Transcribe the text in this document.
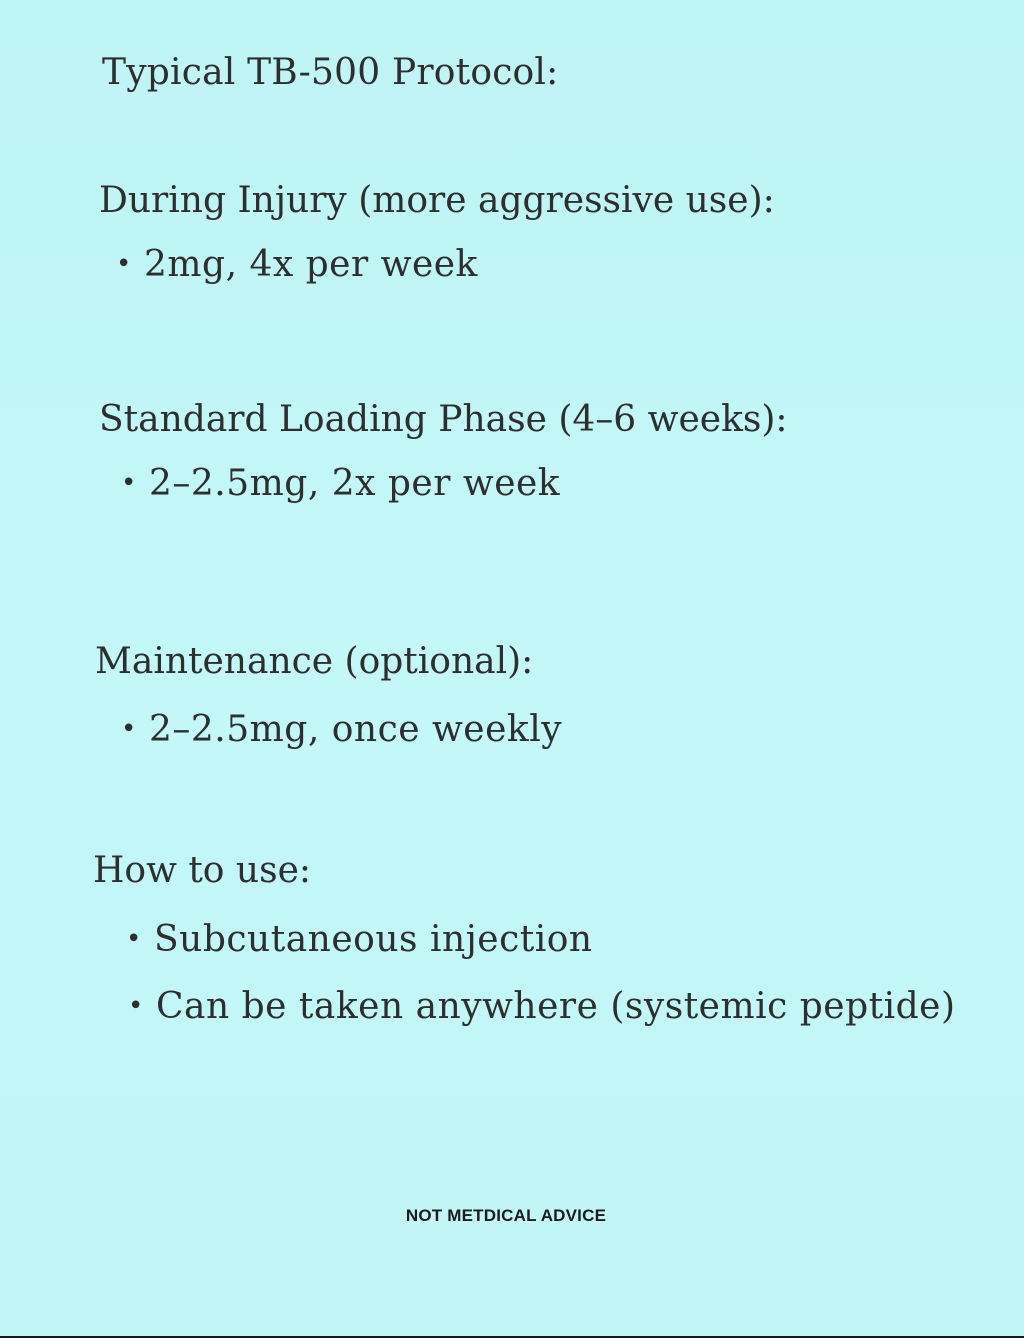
Typical TB-500 Protocol:
During Injury (more aggressive use):
• 2mg, 4x per week
Standard Loading Phase (4–6 weeks):
• 2–2.5mg, 2x per week
Maintenance (optional):
• 2–2.5mg, once weekly
How to use:
• Subcutaneous injection
• Can be taken anywhere (systemic peptide)
NOT METDICAL ADVICE
